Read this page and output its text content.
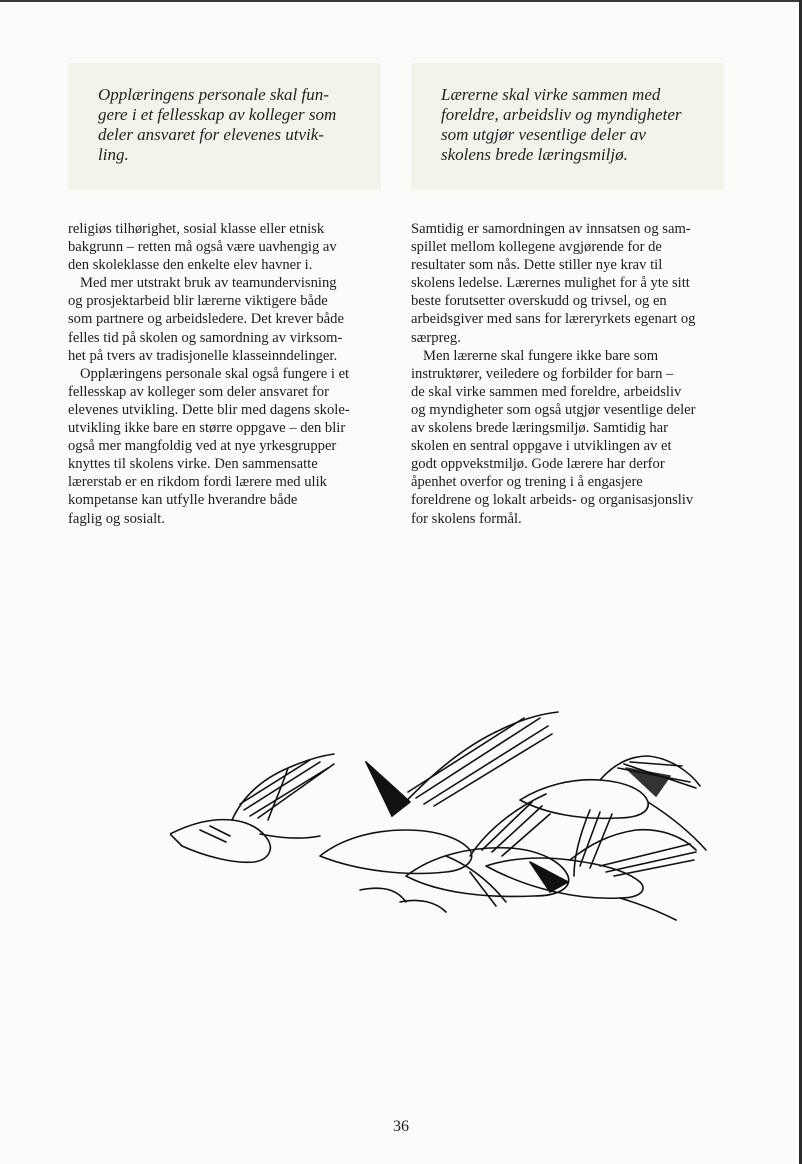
Opplæringens personale skal fun-
gere i et fellesskap av kolleger som
deler ansvaret for elevenes utvik-
ling.
Lærerne skal virke sammen med
foreldre, arbeidsliv og myndigheter
som utgjør vesentlige deler av
skolens brede læringsmiljø.

religiøs tilhørighet, sosial klasse eller etnisk
bakgrunn – retten må også være uavhengig av
den skoleklasse den enkelte elev havner i.

Med mer utstrakt bruk av teamundervisning
og prosjektarbeid blir lærerne viktigere både
som partnere og arbeidsledere. Det krever både
felles tid på skolen og samordning av virksom-
het på tvers av tradisjonelle klasseinndelinger.

Opplæringens personale skal også fungere i et
fellesskap av kolleger som deler ansvaret for
elevenes utvikling. Dette blir med dagens skole-
utvikling ikke bare en større oppgave – den blir
også mer mangfoldig ved at nye yrkesgrupper
knyttes til skolens virke. Den sammensatte
lærerstab er en rikdom fordi lærere med ulik
kompetanse kan utfylle hverandre både
faglig og sosialt.

Samtidig er samordningen av innsatsen og sam-
spillet mellom kollegene avgjørende for de
resultater som nås. Dette stiller nye krav til
skolens ledelse. Lærernes mulighet for å yte sitt
beste forutsetter overskudd og trivsel, og en
arbeidsgiver med sans for læreryrkets egenart og
særpreg.

Men lærerne skal fungere ikke bare som
instruktører, veiledere og forbilder for barn –
de skal virke sammen med foreldre, arbeidsliv
og myndigheter som også utgjør vesentlige deler
av skolens brede læringsmiljø. Samtidig har
skolen en sentral oppgave i utviklingen av et
godt oppvekstmiljø. Gode lærere har derfor
åpenhet overfor og trening i å engasjere
foreldrene og lokalt arbeids- og organisasjonsliv
for skolens formål.

36
